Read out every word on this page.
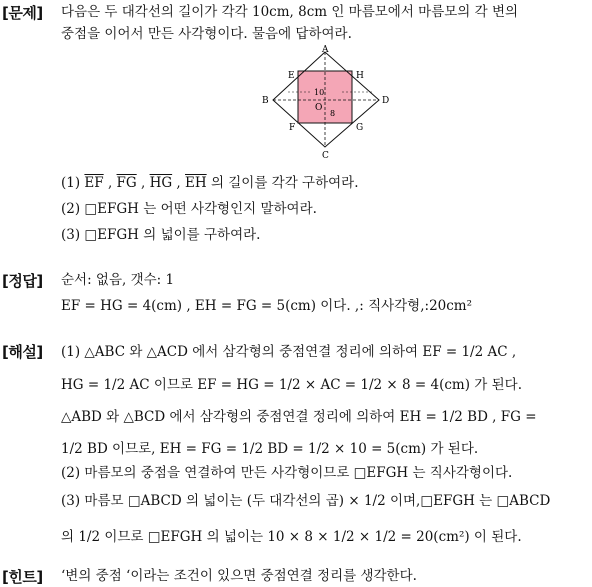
[문제] 다음은 두 대각선의 길이가 각각 10cm, 8cm 인 마름모에서 마름모의 각 변의
중점을 이어서 만든 사각형이다. 물음에 답하여라.
A
B
C
D
E
F	G
H
O
10
8
(1) $\overline{EF}$ , $\overline{FG}$ , $\overline{HG}$ , $\overline{EH}$ 의 길이를 각각 구하여라.
(2) □EFGH 는 어떤 사각형인지 말하여라.
(3) □EFGH 의 넓이를 구하여라.
[정답] 순서: 없음, 갯수: 1
EF = HG = 4(cm) , EH = FG = 5(cm) 이다. ,: 직사각형,:20cm²
[해설] (1) △ABC 와 △ACD 에서 삼각형의 중점연결 정리에 의하여 EF = 1/2 AC ,
HG = 1/2 AC 이므로 EF = HG = 1/2 × AC = 1/2 × 8 = 4(cm) 가 된다.
△ABD 와 △BCD 에서 삼각형의 중점연결 정리에 의하여 EH = 1/2 BD , FG =
1/2 BD 이므로, EH = FG = 1/2 BD = 1/2 × 10 = 5(cm) 가 된다.
(2) 마름모의 중점을 연결하여 만든 사각형이므로 □EFGH 는 직사각형이다.
(3) 마름모 □ABCD 의 넓이는 (두 대각선의 곱) × 1/2 이며,□EFGH 는 □ABCD
의 1/2 이므로 □EFGH 의 넓이는 10 × 8 × 1/2 × 1/2 = 20(cm²) 이 된다.
[힌트] ‘변의 중점 ‘이라는 조건이 있으면 중점연결 정리를 생각한다.
